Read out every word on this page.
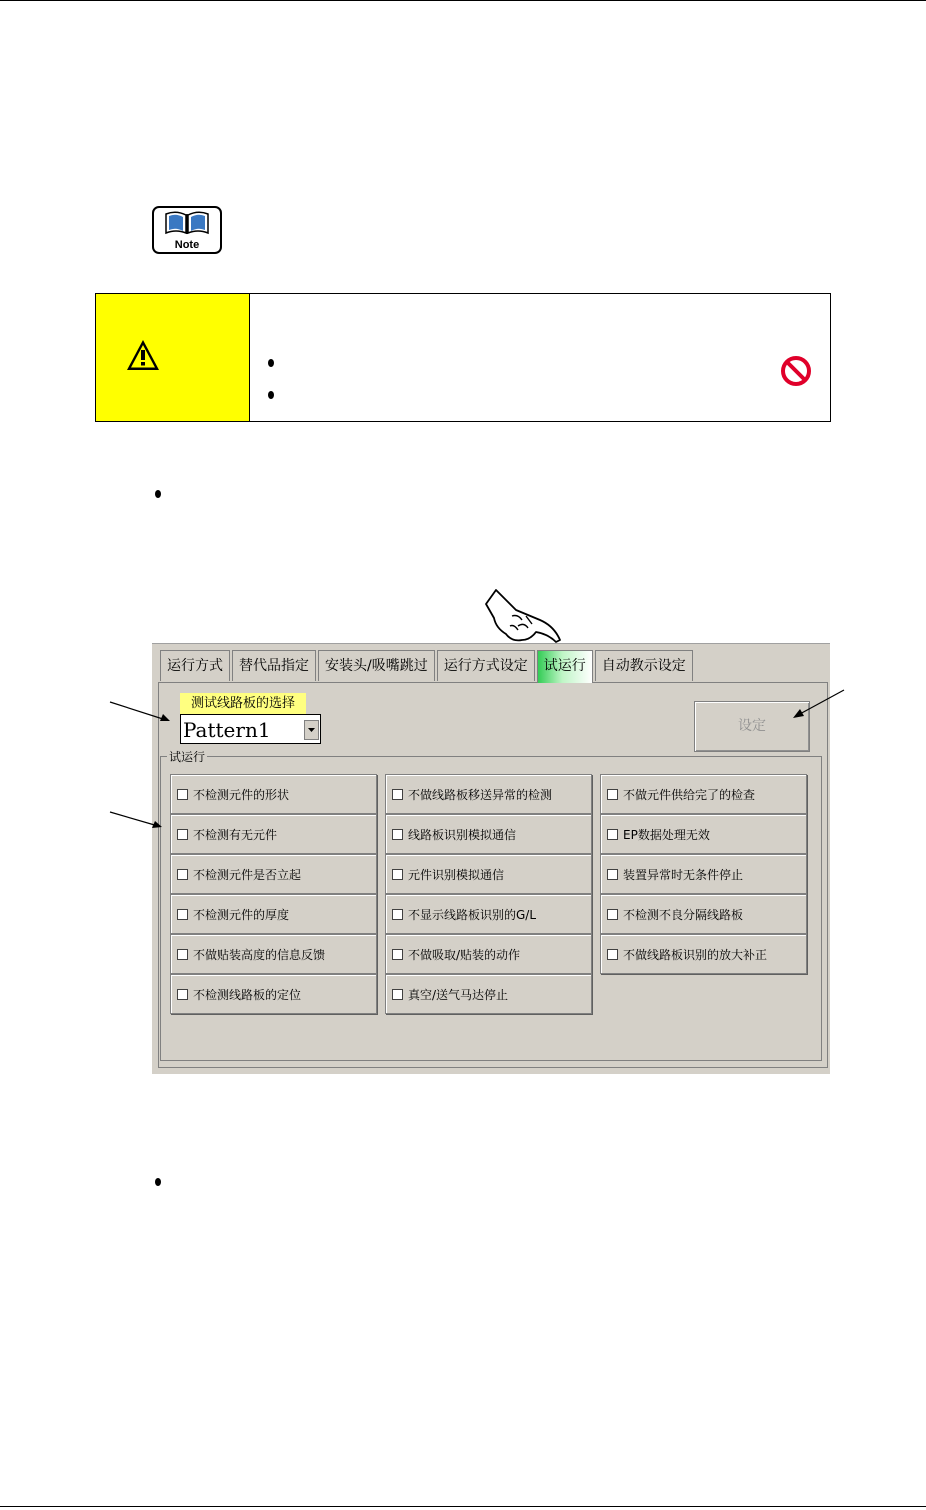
Note
运行方式	替代品指定	安装头/吸嘴跳过	运行方式设定	试运行	自动教示设定
测试线路板的选择
Pattern1	设定
试运行
不检测元件的形状
不检测有无元件
不检测元件是否立起
不检测元件的厚度
不做贴装高度的信息反馈
不检测线路板的定位
不做线路板移送异常的检测
线路板识别模拟通信
元件识别模拟通信
不显示线路板识别的G/L
不做吸取/贴装的动作
真空/送气马达停止
不做元件供给完了的检查
EP数据处理无效
装置异常时无条件停止
不检测不良分隔线路板
不做线路板识别的放大补正
